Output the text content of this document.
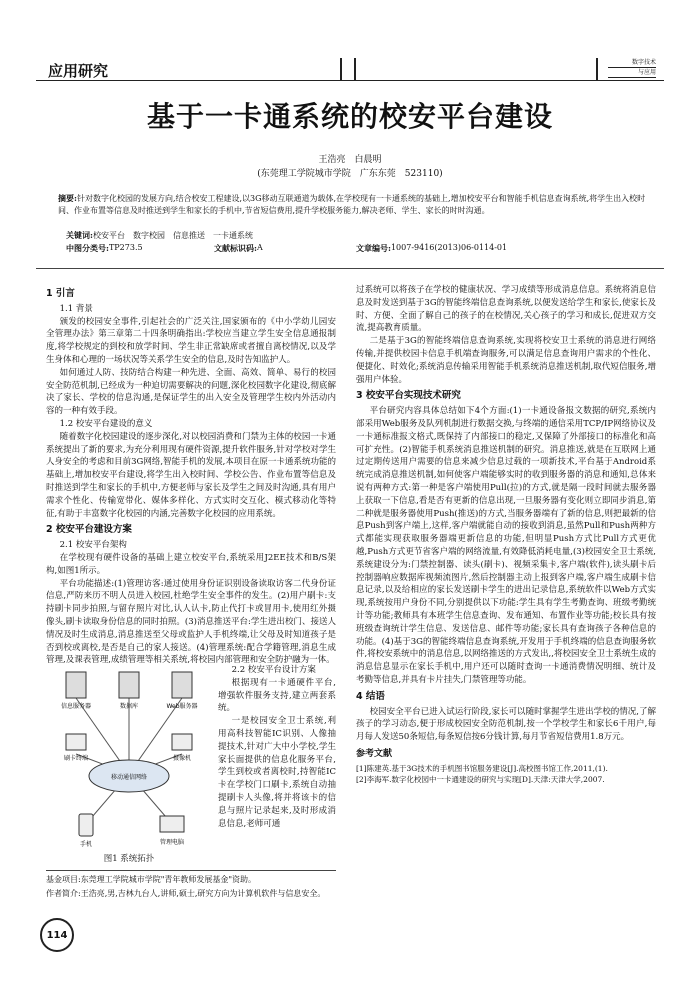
应用研究	数字技术
与应用
基于一卡通系统的校安平台建设
王浩亮　白晨明
(东莞理工学院城市学院　广东东莞　523110)
摘要:针对数字化校园的发展方向,结合校安工程建设,以3G移动互联通道为载体,在学校现有一卡通系统的基础上,增加校安平台和智能手机信息查询系统,将学生出入校时间、作业布置等信息及时推送到学生和家长的手机中,节省短信费用,提升学校服务能力,解决老师、学生、家长的时时沟通。
关键词:校安平台　数字校园　信息推送　一卡通系统
中图分类号: TP273.5	文献标识码: A	文章编号: 1007-9416(2013)06-0114-01

1 引言

1.1 背景

颁发的校园安全事件,引起社会的广泛关注,国家颁布的《中小学幼儿园安全管理办法》第三章第二十四条明确指出:学校应当建立学生安全信息通报制度,将学校规定的到校和放学时间、学生非正常缺席或者擅自离校情况,以及学生身体和心理的一场状况等关系学生安全的信息,及时告知监护人。

如何通过人防、技防结合构建一种先进、全面、高效、简单、易行的校园安全防范机制,已经成为一种迫切需要解决的问题,深化校园数字化建设,彻底解决了家长、学校的信息沟通,是保证学生的出入安全及管理学生校内外活动内容的一种有效手段。

1.2 校安平台建设的意义

随着数字化校园建设的逐步深化,对以校园消费和门禁为主体的校园一卡通系统提出了新的要求,为充分利用现有硬件资源,提升软件服务,针对学校对学生人身安全的考虑和目前3G网络,智能手机的发展,本项目在原一卡通系统功能的基础上,增加校安平台建设,将学生出入校时间、学校公告、作业布置等信息及时推送到学生和家长的手机中,方便老师与家长及学生之间及时沟通,具有用户需求个性化、传输宽带化、媒体多样化、方式实时交互化、模式移动化等特征,有助于丰富数字化校园的内涵,完善数字化校园的应用系统。

2 校安平台建设方案

2.1 校安平台架构

在学校现有硬件设备的基础上建立校安平台,系统采用J2EE技术和B/S架构,如图1所示。

平台功能描述:(1)管理访客:通过使用身份证识别设备读取访客二代身份证信息,严防来历不明人员进入校园,杜绝学生安全事件的发生。(2)用户刷卡:支持刷卡同步拍照,与留存照片对比,认人认卡,防止代打卡或冒用卡,使用红外摄像头,刷卡读取身份信息的同时拍照。(3)消息推送平台:学生进出校门、接送人情况及时生成消息,消息推送至父母或监护人手机终端,让父母及时知道孩子是否到校或离校,是否是自己的家人接送。(4)管理系统:配合学籍管理,消息生成管理,及课表管理,成绩管理等相关系统,将校园内部管理和安全防护融为一体。

信息服务器	数据库	Web服务器
刷卡终端	摄像机
移动通信网络
手机	管理电脑
图1 系统拓扑

2.2 校安平台设计方案

根据现有一卡通硬件平台,增强软件服务支持,建立两套系统。

一是校园安全卫士系统,利用高科技智能IC识别、人像抽提技术,针对广大中小学校,学生家长面提供的信息化服务平台,学生到校或者离校时,持智能IC卡在学校门口刷卡,系统自动抽提刷卡人头像,将并将该卡的信息与照片记录起来,及时形成消息信息,老师可通

过系统可以将孩子在学校的健康状况、学习成绩等形成消息信息。系统将消息信息及时发送到基于3G的智能终端信息查询系统,以便发送给学生和家长,使家长及时、方便、全面了解自己的孩子的在校情况,关心孩子的学习和成长,促进双方交流,提高教育质量。

二是基于3G的智能终端信息查询系统,实现将校安卫士系统的消息进行网络传输,并提供校园卡信息手机端查询服务,可以满足信息查询用户需求的个性化、便捷化、时效化;系统消息传输采用智能手机系统消息推送机制,取代短信服务,增强用户体验。

3 校安平台实现技术研究

平台研究内容具体总结如下4个方面:(1)一卡通设备报文数据的研究,系统内部采用Web服务及队列机制进行数据交换,与终端的通信采用TCP/IP网络协议及一卡通标准报文格式,既保持了内部接口的稳定,又保障了外部接口的标准化和高可扩充性。(2)智能手机系统消息推送机制的研究。消息推送,就是在互联网上通过定期传送用户需要的信息来减少信息过载的一项新技术,平台基于Android系统完成消息推送机制,如何使客户端能够实时的收到服务器的消息和通知,总体来说有两种方式:第一种是客户端使用Pull(拉)的方式,就是隔一段时间就去服务器上获取一下信息,看是否有更新的信息出现,一旦服务器有变化则立即同步消息,第二种就是服务器使用Push(推送)的方式,当服务器端有了新的信息,则把最新的信息Push到客户端上,这样,客户端就能自动的接收到消息,虽然Pull和Push两种方式都能实现获取服务器端更新信息的功能,但明显Push方式比Pull方式更优越,Push方式更节省客户端的网络流量,有效降低消耗电量,(3)校园安全卫士系统,系统建设分为:门禁控制器、读头(刷卡)、视频采集卡,客户端(软件),读头刷卡后控制器响应数据库视频流图片,然后控制器主动上报到客户端,客户端生成刷卡信息记录,以及给相应的家长发送刷卡学生的进出记录信息,系统软件以Web方式实现,系统按用户身份不同,分别提供以下功能:学生具有学生考勤查询、班级考勤统计等功能;教师具有本班学生信息查询、发布通知、布置作业等功能;校长具有按班级查询统计学生信息、发送信息、邮件等功能;家长具有查询孩子各种信息的功能。(4)基于3G的智能终端信息查询系统,开发用于手机终端的信息查询服务软件,将校安系统中的消息信息,以网络推送的方式发出,,将校园安全卫士系统生成的消息信息显示在家长手机中,用户还可以随时查询一卡通消费情况明细、统计及考勤等信息,并具有卡片挂失,门禁管理等功能。

4 结语

校园安全平台已进入试运行阶段,家长可以随时掌握学生进出学校的情况,了解孩子的学习动态,便于形成校园安全防范机制,按一个学校学生和家长6千用户,每月每人发送50条短信,每条短信按6分钱计算,每月节省短信费用1.8万元。

参考文献
[1]陈建英.基于3G技术的手机图书馆服务建设[J].高校图书馆工作,2011,(1).
[2]李海军.数字化校园中一卡通建设的研究与实现[D].天津:天津大学,2007.
基金项目:东莞理工学院城市学院"青年教师发展基金"资助。
作者简介:王浩亮,男,吉林九台人,讲师,硕士,研究方向为计算机软件与信息安全。
114
